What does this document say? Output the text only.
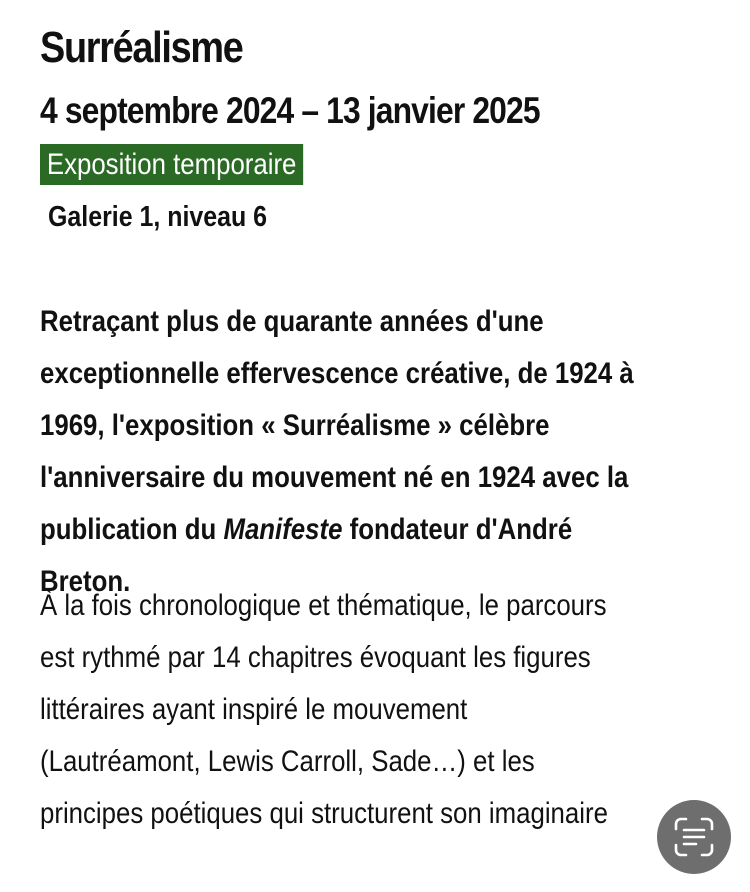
Surréalisme
4 septembre 2024 – 13 janvier 2025
Exposition temporaire
Galerie 1, niveau 6
Retraçant plus de quarante années d'une
exceptionnelle effervescence créative, de 1924 à
1969, l'exposition « Surréalisme » célèbre
l'anniversaire du mouvement né en 1924 avec la
publication du Manifeste fondateur d'André
Breton.
À la fois chronologique et thématique, le parcours
est rythmé par 14 chapitres évoquant les figures
littéraires ayant inspiré le mouvement
(Lautréamont, Lewis Carroll, Sade…) et les
principes poétiques qui structurent son imaginaire
